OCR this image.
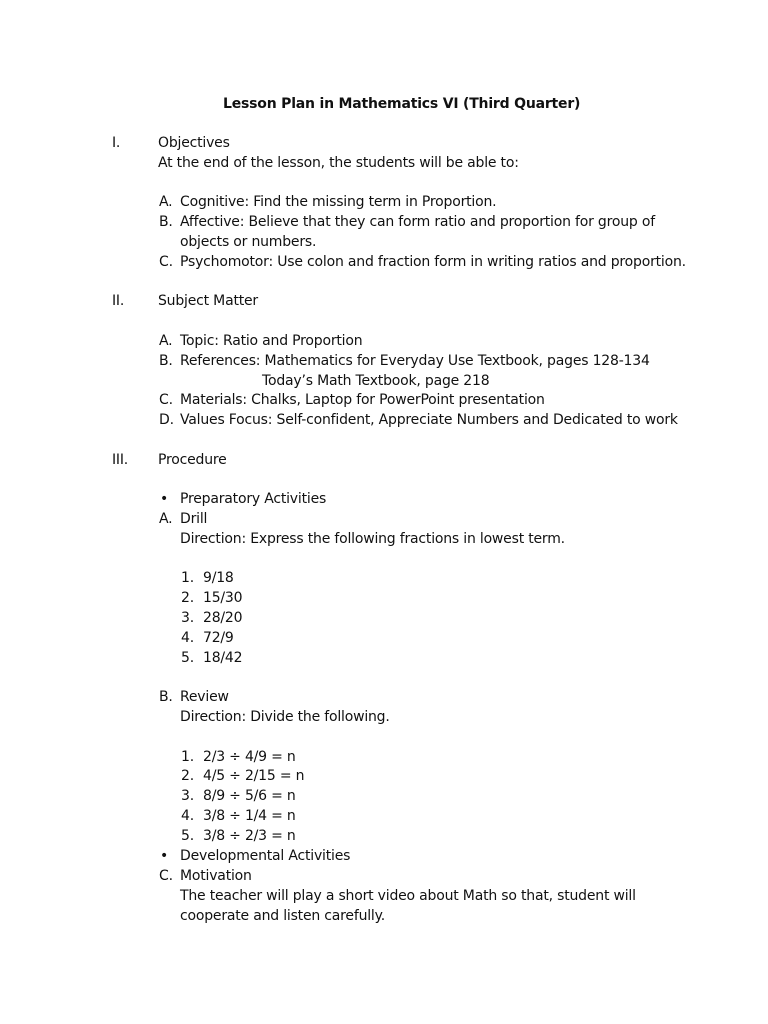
Lesson Plan in Mathematics VI (Third Quarter)
I.	Objectives
At the end of the lesson, the students will be able to:
A. Cognitive: Find the missing term in Proportion.
B. Affective: Believe that they can form ratio and proportion for group of
objects or numbers.
C. Psychomotor: Use colon and fraction form in writing ratios and proportion.
II. Subject Matter
A. Topic: Ratio and Proportion
B. References: Mathematics for Everyday Use Textbook, pages 128-134
Today’s Math Textbook, page 218
C. Materials: Chalks, Laptop for PowerPoint presentation
D. Values Focus: Self-confident, Appreciate Numbers and Dedicated to work
III. Procedure
• Preparatory Activities
A. Drill
Direction: Express the following fractions in lowest term.
1. 9/18
2. 15/30
3. 28/20
4. 72/9
5. 18/42
B. Review
Direction: Divide the following.
1. 2/3 ÷ 4/9 = n
2. 4/5 ÷ 2/15 = n
3. 8/9 ÷ 5/6 = n
4. 3/8 ÷ 1/4 = n
5. 3/8 ÷ 2/3 = n
• Developmental Activities
C. Motivation
The teacher will play a short video about Math so that, student will
cooperate and listen carefully.
